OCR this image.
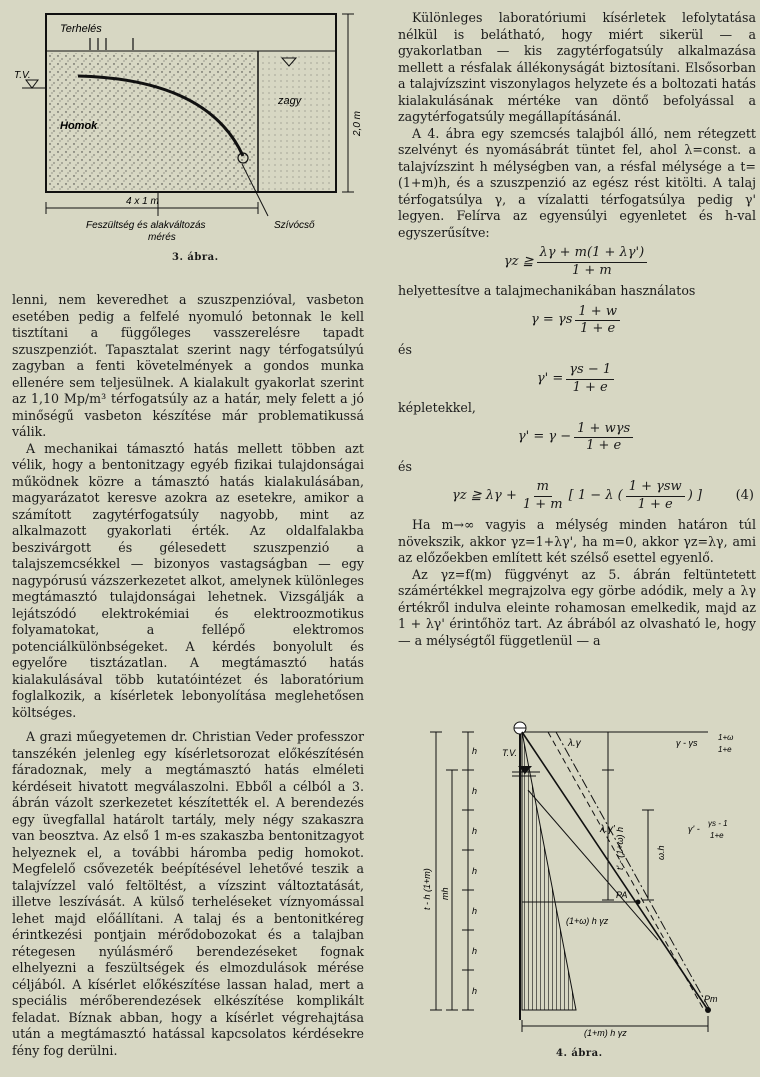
Terhelés
T.V.
Homok
zagy
2,0 m
4 x 1 m
Feszültség és alakváltozás
mérés
Szívócső
3. ábra.

lenni, nem keveredhet a szuszpenzióval, vasbeton esetében pedig a felfelé nyomuló betonnak le kell tisztítani a függőleges vasszerelésre tapadt szuszpenziót. Tapasztalat szerint nagy térfogatsúlyú zagyban a fenti követelmények a gondos munka ellenére sem teljesülnek. A kialakult gyakorlat szerint az 1,10 Mp/m³ térfogatsúly az a határ, mely felett a jó minőségű vasbeton készítése már problematikussá válik.

A mechanikai támasztó hatás mellett többen azt vélik, hogy a bentonitzagy egyéb fizikai tulajdonságai működnek közre a támasztó hatás kialakulásában, magyarázatot keresve azokra az esetekre, amikor a számított zagytérfogatsúly nagyobb, mint az alkalmazott gyakorlati érték. Az oldalfalakba beszivárgott és gélesedett szuszpenzió a talajszemcsékkel — bizonyos vastagságban — egy nagypórusú vázszerkezetet alkot, amelynek különleges megtámasztó tulajdonságai lehetnek. Vizsgálják a lejátszódó elektrokémiai és elektroozmotikus folyamatokat, a fellépő elektromos potenciálkülönbségeket. A kérdés bonyolult és egyelőre tisztázatlan. A megtámasztó hatás kialakulásával több kutatóintézet és laboratórium foglalkozik, a kísérletek lebonyolítása meglehetősen költséges.

A grazi műegyetemen dr. Christian Veder professzor tanszékén jelenleg egy kísérletsorozat előkészítésén fáradoznak, mely a megtámasztó hatás elméleti kérdéseit hivatott megválaszolni. Ebből a célból a 3. ábrán vázolt szerkezetet készítették el. A berendezés egy üvegfallal határolt tartály, mely négy szakaszra van beosztva. Az első 1 m-es szakaszba bentonitzagyot helyeznek el, a további háromba pedig homokot. Megfelelő csővezeték beépítésével lehetővé teszik a talajvízzel való feltöltést, a vízszint változtatását, illetve leszívását. A külső terheléseket víznyomással lehet majd előállítani. A talaj és a bentonitkéreg érintkezési pontjain mérődobozokat és a talajban rétegesen nyúlásmérő berendezéseket fognak elhelyezni a feszültségek és elmozdulások mérése céljából. A kísérlet előkészítése lassan halad, mert a speciális mérőberendezések elkészítése komplikált feladat. Bíznak abban, hogy a kísérlet végrehajtása után a megtámasztó hatással kapcsolatos kérdésekre fény fog derülni.

Különleges laboratóriumi kísérletek lefolytatása nélkül is belátható, hogy miért sikerül — a gyakorlatban — kis zagytérfogatsúly alkalmazása mellett a résfalak állékonyságát biztosítani. Elsősorban a talajvízszint viszonylagos helyzete és a boltozati hatás kialakulásának mértéke van döntő befolyással a zagytérfogatsúly megállapításánál.

A 4. ábra egy szemcsés talajból álló, nem rétegzett szelvényt és nyomásábrát tüntet fel, ahol λ=const. a talajvízszint h mélységben van, a résfal mélysége a t=(1+m)h, és a szuszpenzió az egész rést kitölti. A talaj térfogatsúlya γ, a vízalatti térfogatsúlya pedig γ' legyen. Felírva az egyensúlyi egyenletet és h-val egyszerűsítve:

γz ≧ $\frac{\lambda\gamma + m(1 + \lambda\gamma')}{1 + m}$

helyettesítve a talajmechanikában használatos

γ = γs $\frac{1 + w}{1 + e}$

és

$\gamma' = \frac{\gamma s - 1}{1 + e}$

képletekkel,

$\gamma' = \gamma - \frac{\text{1 + wγs}}{1 + e}$

és

γz ≧ $\lambda\gamma + \frac{m}{1 + m}$ [ 1 − λ ( $\frac{\text{1 + γsw}}{1 + e}$ ) ]	(4)

Ha m→∞ vagyis a mélység minden határon túl növekszik, akkor γz=1+λγ', ha m=0, akkor γz=λγ, ami az előzőekben említett két szélső esettel egyenlő.

Az γz=f(m) függvényt az 5. ábrán feltüntetett számértékkel megrajzolva egy görbe adódik, mely a λγ értékről indulva eleinte rohamosan emelkedik, majd az 1 + λγ' érintőhöz tart. Az ábrából az olvasható le, hogy — a mélységtől függetlenül — a

T.V.
λ.γ
λ.γ'
γ - γs
1+ω
1+e
γ' -
γs - 1
1+e
t' - (1+ω) h	ω.h
PA
(1+ω) h γz
Pm
(1+m) h γz
t - h (1+m) mh
h
h
h
h
h
h
h
4. ábra.
